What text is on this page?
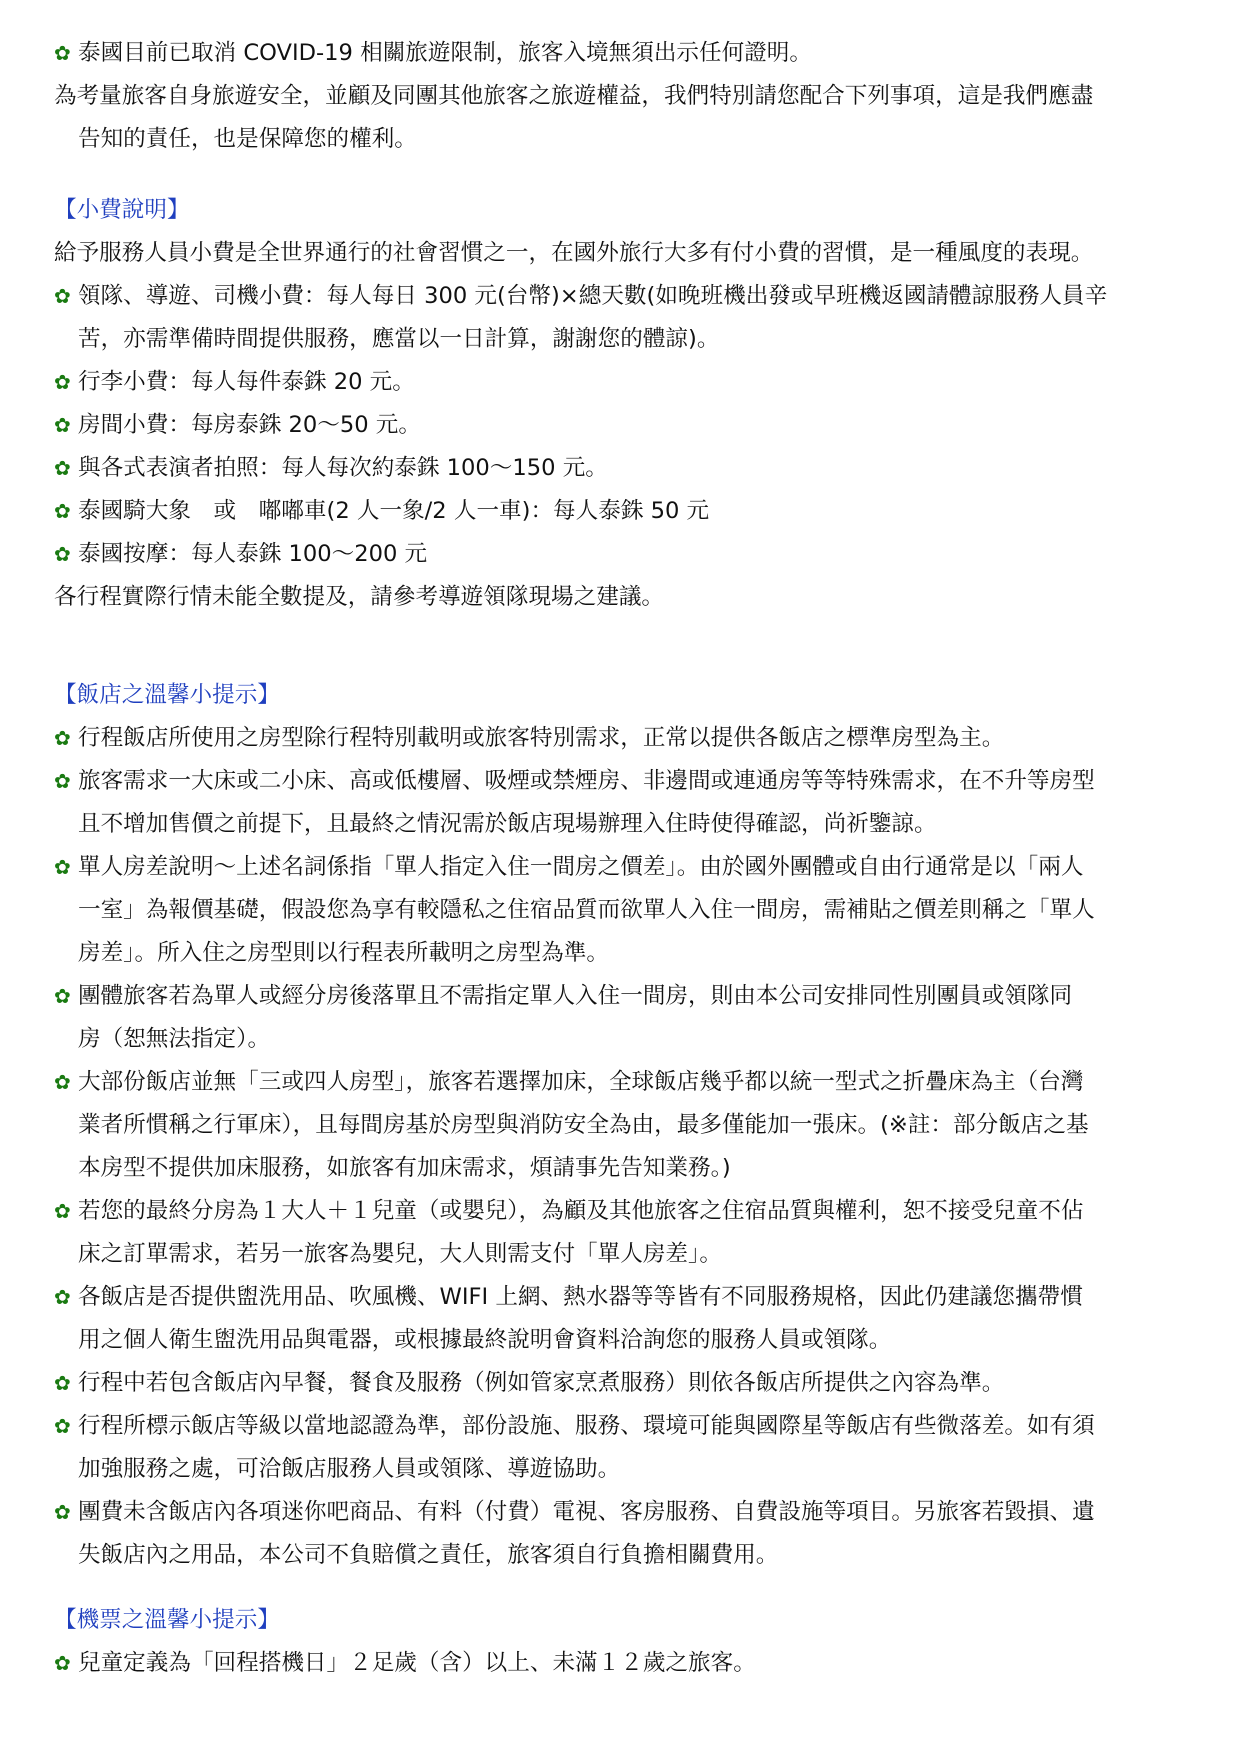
✿ 泰國目前已取消 COVID-19 相關旅遊限制，旅客入境無須出示任何證明。
為考量旅客自身旅遊安全，並顧及同團其他旅客之旅遊權益，我們特別請您配合下列事項，這是我們應盡
告知的責任，也是保障您的權利。
【小費說明】
給予服務人員小費是全世界通行的社會習慣之一，在國外旅行大多有付小費的習慣，是一種風度的表現。
✿ 領隊、導遊、司機小費：每人每日 300 元(台幣)×總天數(如晚班機出發或早班機返國請體諒服務人員辛
苦，亦需準備時間提供服務，應當以一日計算，謝謝您的體諒)。
✿ 行李小費：每人每件泰銖 20 元。
✿ 房間小費：每房泰銖 20～50 元。
✿ 與各式表演者拍照：每人每次約泰銖 100～150 元。
✿ 泰國騎大象　或　嘟嘟車(2 人一象/2 人一車)：每人泰銖 50 元
✿ 泰國按摩：每人泰銖 100～200 元
各行程實際行情未能全數提及，請參考導遊領隊現場之建議。
【飯店之溫馨小提示】
✿ 行程飯店所使用之房型除行程特別載明或旅客特別需求，正常以提供各飯店之標準房型為主。
✿ 旅客需求一大床或二小床、高或低樓層、吸煙或禁煙房、非邊間或連通房等等特殊需求，在不升等房型
且不增加售價之前提下，且最終之情況需於飯店現場辦理入住時使得確認，尚祈鑒諒。
✿ 單人房差說明～上述名詞係指「單人指定入住一間房之價差」。由於國外團體或自由行通常是以「兩人
一室」為報價基礎，假設您為享有較隱私之住宿品質而欲單人入住一間房，需補貼之價差則稱之「單人
房差」。所入住之房型則以行程表所載明之房型為準。
✿ 團體旅客若為單人或經分房後落單且不需指定單人入住一間房，則由本公司安排同性別團員或領隊同
房（恕無法指定）。
✿ 大部份飯店並無「三或四人房型」，旅客若選擇加床，全球飯店幾乎都以統一型式之折疊床為主（台灣
業者所慣稱之行軍床），且每間房基於房型與消防安全為由，最多僅能加一張床。(※註：部分飯店之基
本房型不提供加床服務，如旅客有加床需求，煩請事先告知業務。)
✿ 若您的最終分房為１大人＋１兒童（或嬰兒），為顧及其他旅客之住宿品質與權利，恕不接受兒童不佔
床之訂單需求，若另一旅客為嬰兒，大人則需支付「單人房差」。
✿ 各飯店是否提供盥洗用品、吹風機、WIFI 上網、熱水器等等皆有不同服務規格，因此仍建議您攜帶慣
用之個人衛生盥洗用品與電器，或根據最終說明會資料洽詢您的服務人員或領隊。
✿ 行程中若包含飯店內早餐，餐食及服務（例如管家烹煮服務）則依各飯店所提供之內容為準。
✿ 行程所標示飯店等級以當地認證為準，部份設施、服務、環境可能與國際星等飯店有些微落差。如有須
加強服務之處，可洽飯店服務人員或領隊、導遊協助。
✿ 團費未含飯店內各項迷你吧商品、有料（付費）電視、客房服務、自費設施等項目。另旅客若毀損、遺
失飯店內之用品，本公司不負賠償之責任，旅客須自行負擔相關費用。
【機票之溫馨小提示】
✿ 兒童定義為「回程搭機日」２足歲（含）以上、未滿１２歲之旅客。
